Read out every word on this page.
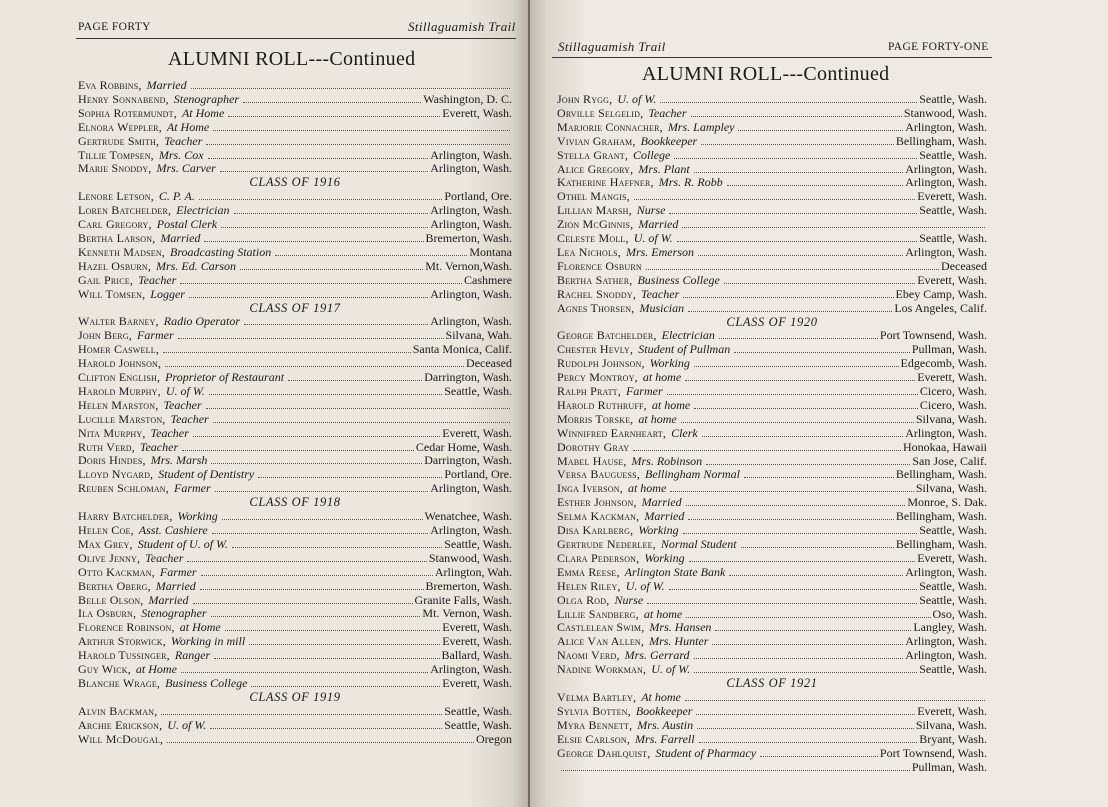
PAGE FORTY	Stillaguamish Trail
ALUMNI ROLL---Continued
Eva Robbins, Married
Henry Sonnabend, Stenographer	Washington, D. C.
Sophia Rotermundt, At Home	Everett, Wash.
Elnora Weppler, At Home
Gertrude Smith, Teacher
Tillie Tompsen, Mrs. Cox	Arlington, Wash.
Marie Snoddy, Mrs. Carver	Arlington, Wash.
CLASS OF 1916
Lenore Letson, C. P. A.	Portland, Ore.
Loren Batchelder, Electrician	Arlington, Wash.
Carl Gregory, Postal Clerk	Arlington, Wash.
Bertha Larson, Married	Bremerton, Wash.
Kenneth Madsen, Broadcasting Station	Montana
Hazel Osburn, Mrs. Ed. Carson	Mt. Vernon,Wash.
Gail Price, Teacher	Cashmere
Will Tomsen, Logger	Arlington, Wash.
CLASS OF 1917
Walter Barney, Radio Operator	Arlington, Wash.
John Berg, Farmer	Silvana, Wah.
Homer Caswell,	Santa Monica, Calif.
Harold Johnson,	Deceased
Clifton English, Proprietor of Restaurant	Darrington, Wash.
Harold Murphy, U. of W.	Seattle, Wash.
Helen Marston, Teacher
Lucille Marston, Teacher
Nita Murphy, Teacher	Everett, Wash.
Ruth Verd, Teacher	Cedar Home, Wash.
Doris Hindes, Mrs. Marsh	Darrington, Wash.
Lloyd Nygard, Student of Dentistry	Portland, Ore.
Reuben Schloman, Farmer	Arlington, Wash.
CLASS OF 1918
Harry Batchelder, Working	Wenatchee, Wash.
Helen Coe, Asst. Cashiere	Arlington, Wash.
Max Grey, Student of U. of W.	Seattle, Wash.
Olive Jenny, Teacher	Stanwood, Wash.
Otto Kackman, Farmer	Arlington, Wah.
Bertha Oberg, Married	Bremerton, Wash.
Belle Olson, Married	Granite Falls, Wash.
Ila Osburn, Stenographer	Mt. Vernon, Wash.
Florence Robinson, at Home	Everett, Wash.
Arthur Storwick, Working in mill	Everett, Wash.
Harold Tussinger, Ranger	Ballard, Wash.
Guy Wick, at Home	Arlington, Wash.
Blanche Wrage, Business College	Everett, Wash.
CLASS OF 1919
Alvin Backman,	Seattle, Wash.
Archie Erickson, U. of W.	Seattle, Wash.
Will McDougal,	Oregon
Stillaguamish Trail	PAGE FORTY-ONE
ALUMNI ROLL---Continued
John Rygg, U. of W.	Seattle, Wash.
Orville Selgelid, Teacher	Stanwood, Wash.
Marjorie Connacher, Mrs. Lampley	Arlington, Wash.
Vivian Graham, Bookkeeper	Bellingham, Wash.
Stella Grant, College	Seattle, Wash.
Alice Gregory, Mrs. Plant	Arlington, Wash.
Katherine Haffner, Mrs. R. Robb	Arlington, Wash.
Othel Mangis,	Everett, Wash.
Lillian Marsh, Nurse	Seattle, Wash.
Zion McGinnis, Married
Celeste Moll, U. of W.	Seattle, Wash.
Lea Nichols, Mrs. Emerson	Arlington, Wash.
Florence Osburn	Deceased
Bertha Sather, Business College	Everett, Wash.
Rachel Snoddy, Teacher	Ebey Camp, Wash.
Agnes Thorsen, Musician	Los Angeles, Calif.
CLASS OF 1920
George Batchelder, Electrician	Port Townsend, Wash.
Chester Hevly, Student of Pullman	Pullman, Wash.
Rudolph Johnson, Working	Edgecomb, Wash.
Percy Montroy, at home	Everett, Wash.
Ralph Pratt, Farmer	Cicero, Wash.
Harold Ruthruff, at home	Cicero, Wash.
Morris Torske, at home	Silvana, Wash.
Winnifred Earnheart, Clerk	Arlington, Wash.
Dorothy Gray	Honokaa, Hawaii
Mabel Hause, Mrs. Robinson	San Jose, Calif.
Versa Bauguess, Bellingham Normal	Bellingham, Wash.
Inga Iverson, at home	Silvana, Wash.
Esther Johnson, Married	Monroe, S. Dak.
Selma Kackman, Married	Bellingham, Wash.
Disa Karlberg, Working	Seattle, Wash.
Gertrude Nederlee, Normal Student	Bellingham, Wash.
Clara Pederson, Working	Everett, Wash.
Emma Reese, Arlington State Bank	Arlington, Wash.
Helen Riley, U. of W.	Seattle, Wash.
Olga Rod, Nurse	Seattle, Wash.
Lillie Sandberg, at home	Oso, Wash.
Castlelean Swim, Mrs. Hansen	Langley, Wash.
Alice Van Allen, Mrs. Hunter	Arlington, Wash.
Naomi Verd, Mrs. Gerrard	Arlington, Wash.
Nadine Workman, U. of W.	Seattle, Wash.
CLASS OF 1921
Velma Bartley, At home
Sylvia Botten, Bookkeeper	Everett, Wash.
Myra Bennett, Mrs. Austin	Silvana, Wash.
Elsie Carlson, Mrs. Farrell	Bryant, Wash.
George Dahlquist, Student of Pharmacy	Port Townsend, Wash.
Pullman, Wash.
